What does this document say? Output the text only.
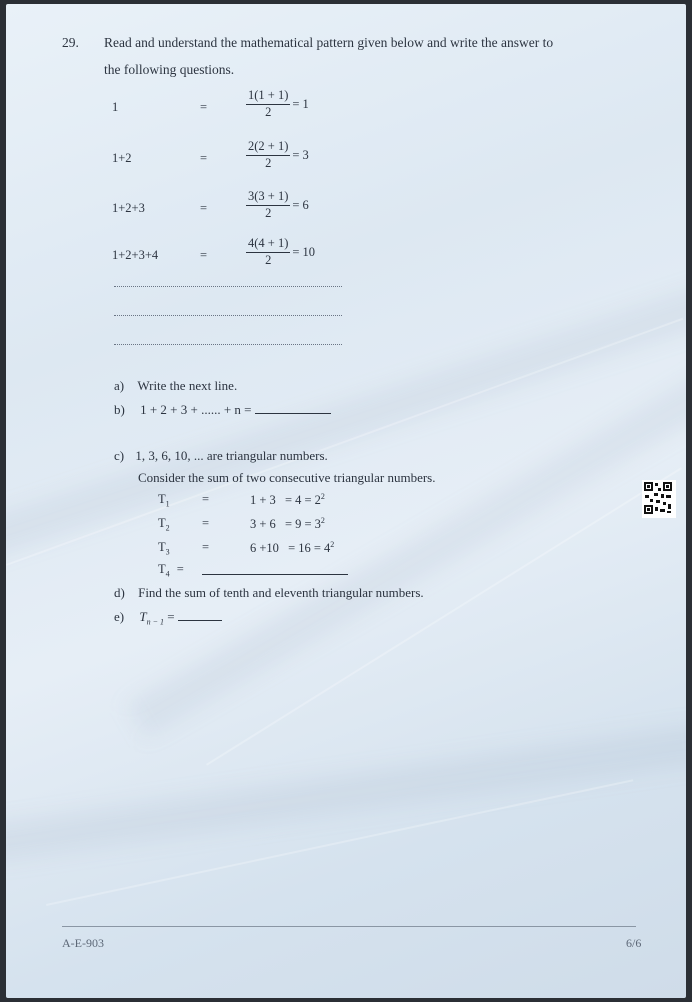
29. Read and understand the mathematical pattern given below and write the answer to
the following questions.
1	=	$\frac{1(1 + 1)}{2} = 1$
1+2	=	$\frac{2(2 + 1)}{2} = 3$
1+2+3	=	$\frac{3(3 + 1)}{2} = 6$
1+2+3+4	=	$\frac{4(4 + 1)}{2} = 10$
a) Write the next line.
b) 1 + 2 + 3 + ...... + n =
c) 1, 3, 6, 10, ... are triangular numbers.
Consider the sum of two consecutive triangular numbers.
$T_1$	=	$1 + 3 = 4 = 2^2$
$T_2$	=	$3 + 6 = 9 = 3^2$
$T_3$	=	$6 +10 = 16 = 4^2$
$T_4$ =
d) Find the sum of tenth and eleventh triangular numbers.
e) $T_{n - 1}$ =
A-E-903	6/6
